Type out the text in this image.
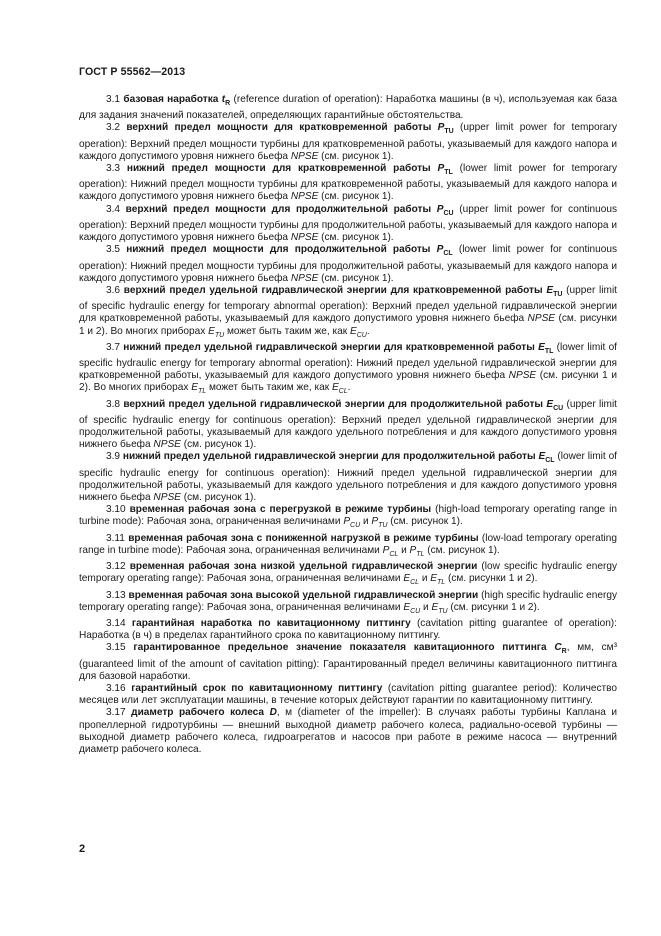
ГОСТ Р 55562—2013

3.1 базовая наработка $t_R$ (reference duration of operation): Наработка машины (в ч), используемая как база для задания значений показателей, определяющих гарантийные обстоятельства.

3.2 верхний предел мощности для кратковременной работы $P_{TU}$ (upper limit power for temporary operation): Верхний предел мощности турбины для кратковременной работы, указываемый для каждого напора и каждого допустимого уровня нижнего бьефа NPSE (см. рисунок 1).

3.3 нижний предел мощности для кратковременной работы $P_{TL}$ (lower limit power for temporary operation): Нижний предел мощности турбины для кратковременной работы, указываемый для каждого напора и каждого допустимого уровня нижнего бьефа NPSE (см. рисунок 1).

3.4 верхний предел мощности для продолжительной работы $P_{CU}$ (upper limit power for continuous operation): Верхний предел мощности турбины для продолжительной работы, указываемый для каждого напора и каждого допустимого уровня нижнего бьефа NPSE (см. рисунок 1).

3.5 нижний предел мощности для продолжительной работы $P_{CL}$ (lower limit power for continuous operation): Нижний предел мощности турбины для продолжительной работы, указываемый для каждого напора и каждого допустимого уровня нижнего бьефа NPSE (см. рисунок 1).

3.6 верхний предел удельной гидравлической энергии для кратковременной работы $E_{TU}$ (upper limit of specific hydraulic energy for temporary abnormal operation): Верхний предел удельной гидравлической энергии для кратковременной работы, указываемый для каждого допустимого уровня нижнего бьефа NPSE (см. рисунки 1 и 2). Во многих приборах $E_{TU}$ может быть таким же, как $E_{CU}$.

3.7 нижний предел удельной гидравлической энергии для кратковременной работы $E_{TL}$ (lower limit of specific hydraulic energy for temporary abnormal operation): Нижний предел удельной гидравлической энергии для кратковременной работы, указываемый для каждого допустимого уровня нижнего бьефа NPSE (см. рисунки 1 и 2). Во многих приборах $E_{TL}$ может быть таким же, как $E_{CL}$.

3.8 верхний предел удельной гидравлической энергии для продолжительной работы $E_{CU}$ (upper limit of specific hydraulic energy for continuous operation): Верхний предел удельной гидравлической энергии для продолжительной работы, указываемый для каждого удельного потребления и для каждого допустимого уровня нижнего бьефа NPSE (см. рисунок 1).

3.9 нижний предел удельной гидравлической энергии для продолжительной работы $E_{CL}$ (lower limit of specific hydraulic energy for continuous operation): Нижний предел удельной гидравлической энергии для продолжительной работы, указываемый для каждого удельного потребления и для каждого допустимого уровня нижнего бьефа NPSE (см. рисунок 1).

3.10 временная рабочая зона с перегрузкой в режиме турбины (high-load temporary operating range in turbine mode): Рабочая зона, ограниченная величинами $P_{CU}$ и $P_{TU}$ (см. рисунок 1).

3.11 временная рабочая зона с пониженной нагрузкой в режиме турбины (low-load temporary operating range in turbine mode): Рабочая зона, ограниченная величинами $P_{CL}$ и $P_{TL}$ (см. рисунок 1).

3.12 временная рабочая зона низкой удельной гидравлической энергии (low specific hydraulic energy temporary operating range): Рабочая зона, ограниченная величинами $E_{CL}$ и $E_{TL}$ (см. рисунки 1 и 2).

3.13 временная рабочая зона высокой удельной гидравлической энергии (high specific hydraulic energy temporary operating range): Рабочая зона, ограниченная величинами $E_{CU}$ и $E_{TU}$ (см. рисунки 1 и 2).

3.14 гарантийная наработка по кавитационному питтингу (cavitation pitting guarantee of operation): Наработка (в ч) в пределах гарантийного срока по кавитационному питтингу.

3.15 гарантированное предельное значение показателя кавитационного питтинга $C_R$, мм, см³ (guaranteed limit of the amount of cavitation pitting): Гарантированный предел величины кавитационного питтинга для базовой наработки.

3.16 гарантийный срок по кавитационному питтингу (cavitation pitting guarantee period): Количество месяцев или лет эксплуатации машины, в течение которых действуют гарантии по кавитационному питтингу.

3.17 диаметр рабочего колеса D, м (diameter of the impeller): В случаях работы турбины Каплана и пропеллерной гидротурбины — внешний выходной диаметр рабочего колеса, радиально-осевой турбины — выходной диаметр рабочего колеса, гидроагрегатов и насосов при работе в режиме насоса — внутренний диаметр рабочего колеса.

2
